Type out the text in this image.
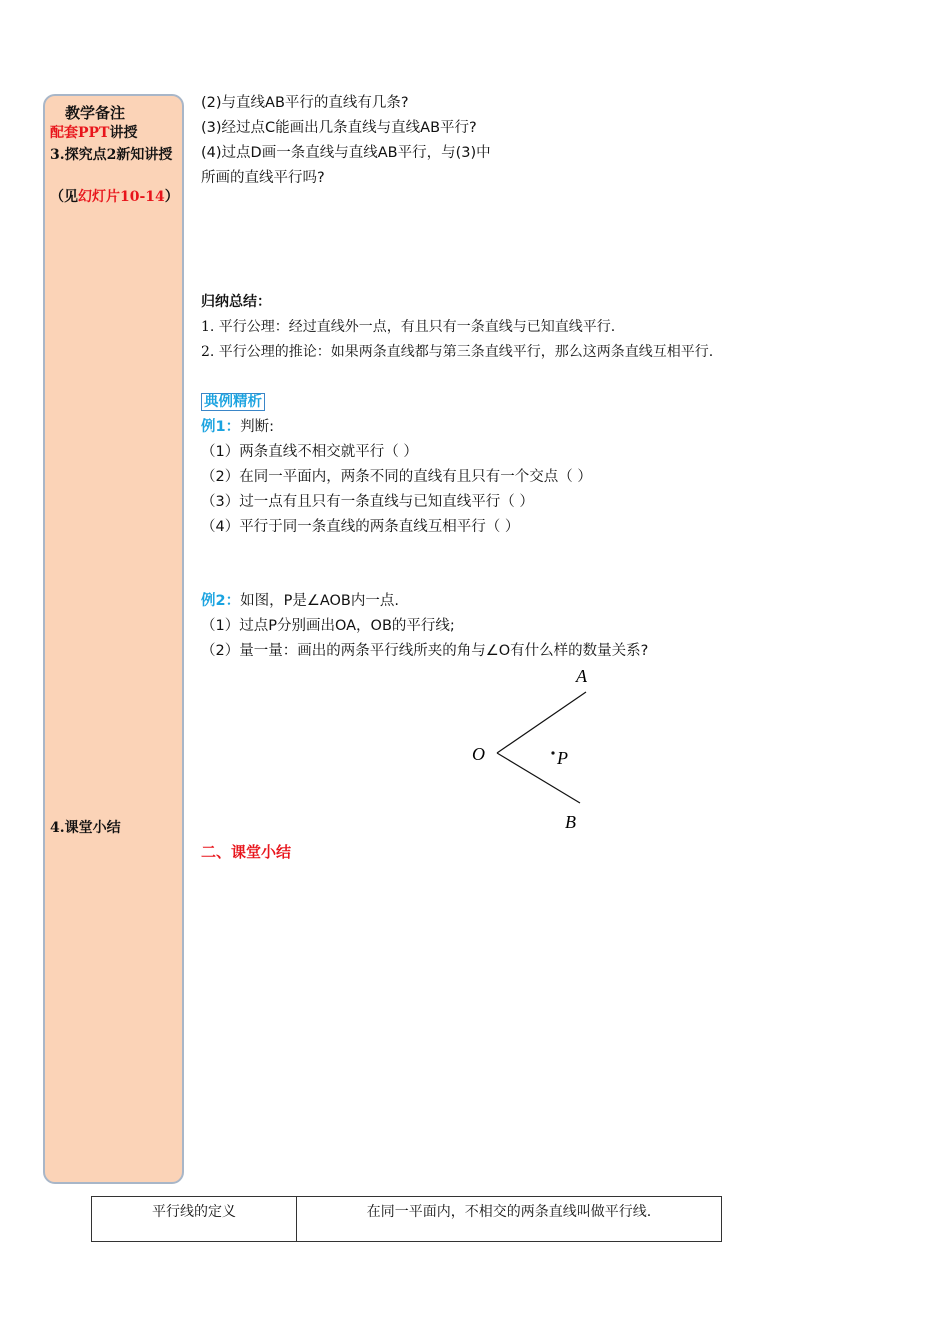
教学备注
配套PPT讲授
3.探究点2新知讲授
（见幻灯片10-14）
4.课堂小结
(2)与直线AB平行的直线有几条?
(3)经过点C能画出几条直线与直线AB平行?
(4)过点D画一条直线与直线AB平行，与(3)中
所画的直线平行吗?
归纳总结：
1. 平行公理：经过直线外一点，有且只有一条直线与已知直线平行.
2. 平行公理的推论：如果两条直线都与第三条直线平行，那么这两条直线互相平行.
典例精析
例1：判断:
（1）两条直线不相交就平行（ ）
（2）在同一平面内，两条不同的直线有且只有一个交点（ ）
（3）过一点有且只有一条直线与已知直线平行（ ）
（4）平行于同一条直线的两条直线互相平行（ ）
例2：如图，P是∠AOB内一点.
（1）过点P分别画出OA，OB的平行线;
（2）量一量：画出的两条平行线所夹的角与∠O有什么样的数量关系?
A
O	P
B
二、课堂小结
平行线的定义	在同一平面内，不相交的两条直线叫做平行线.
